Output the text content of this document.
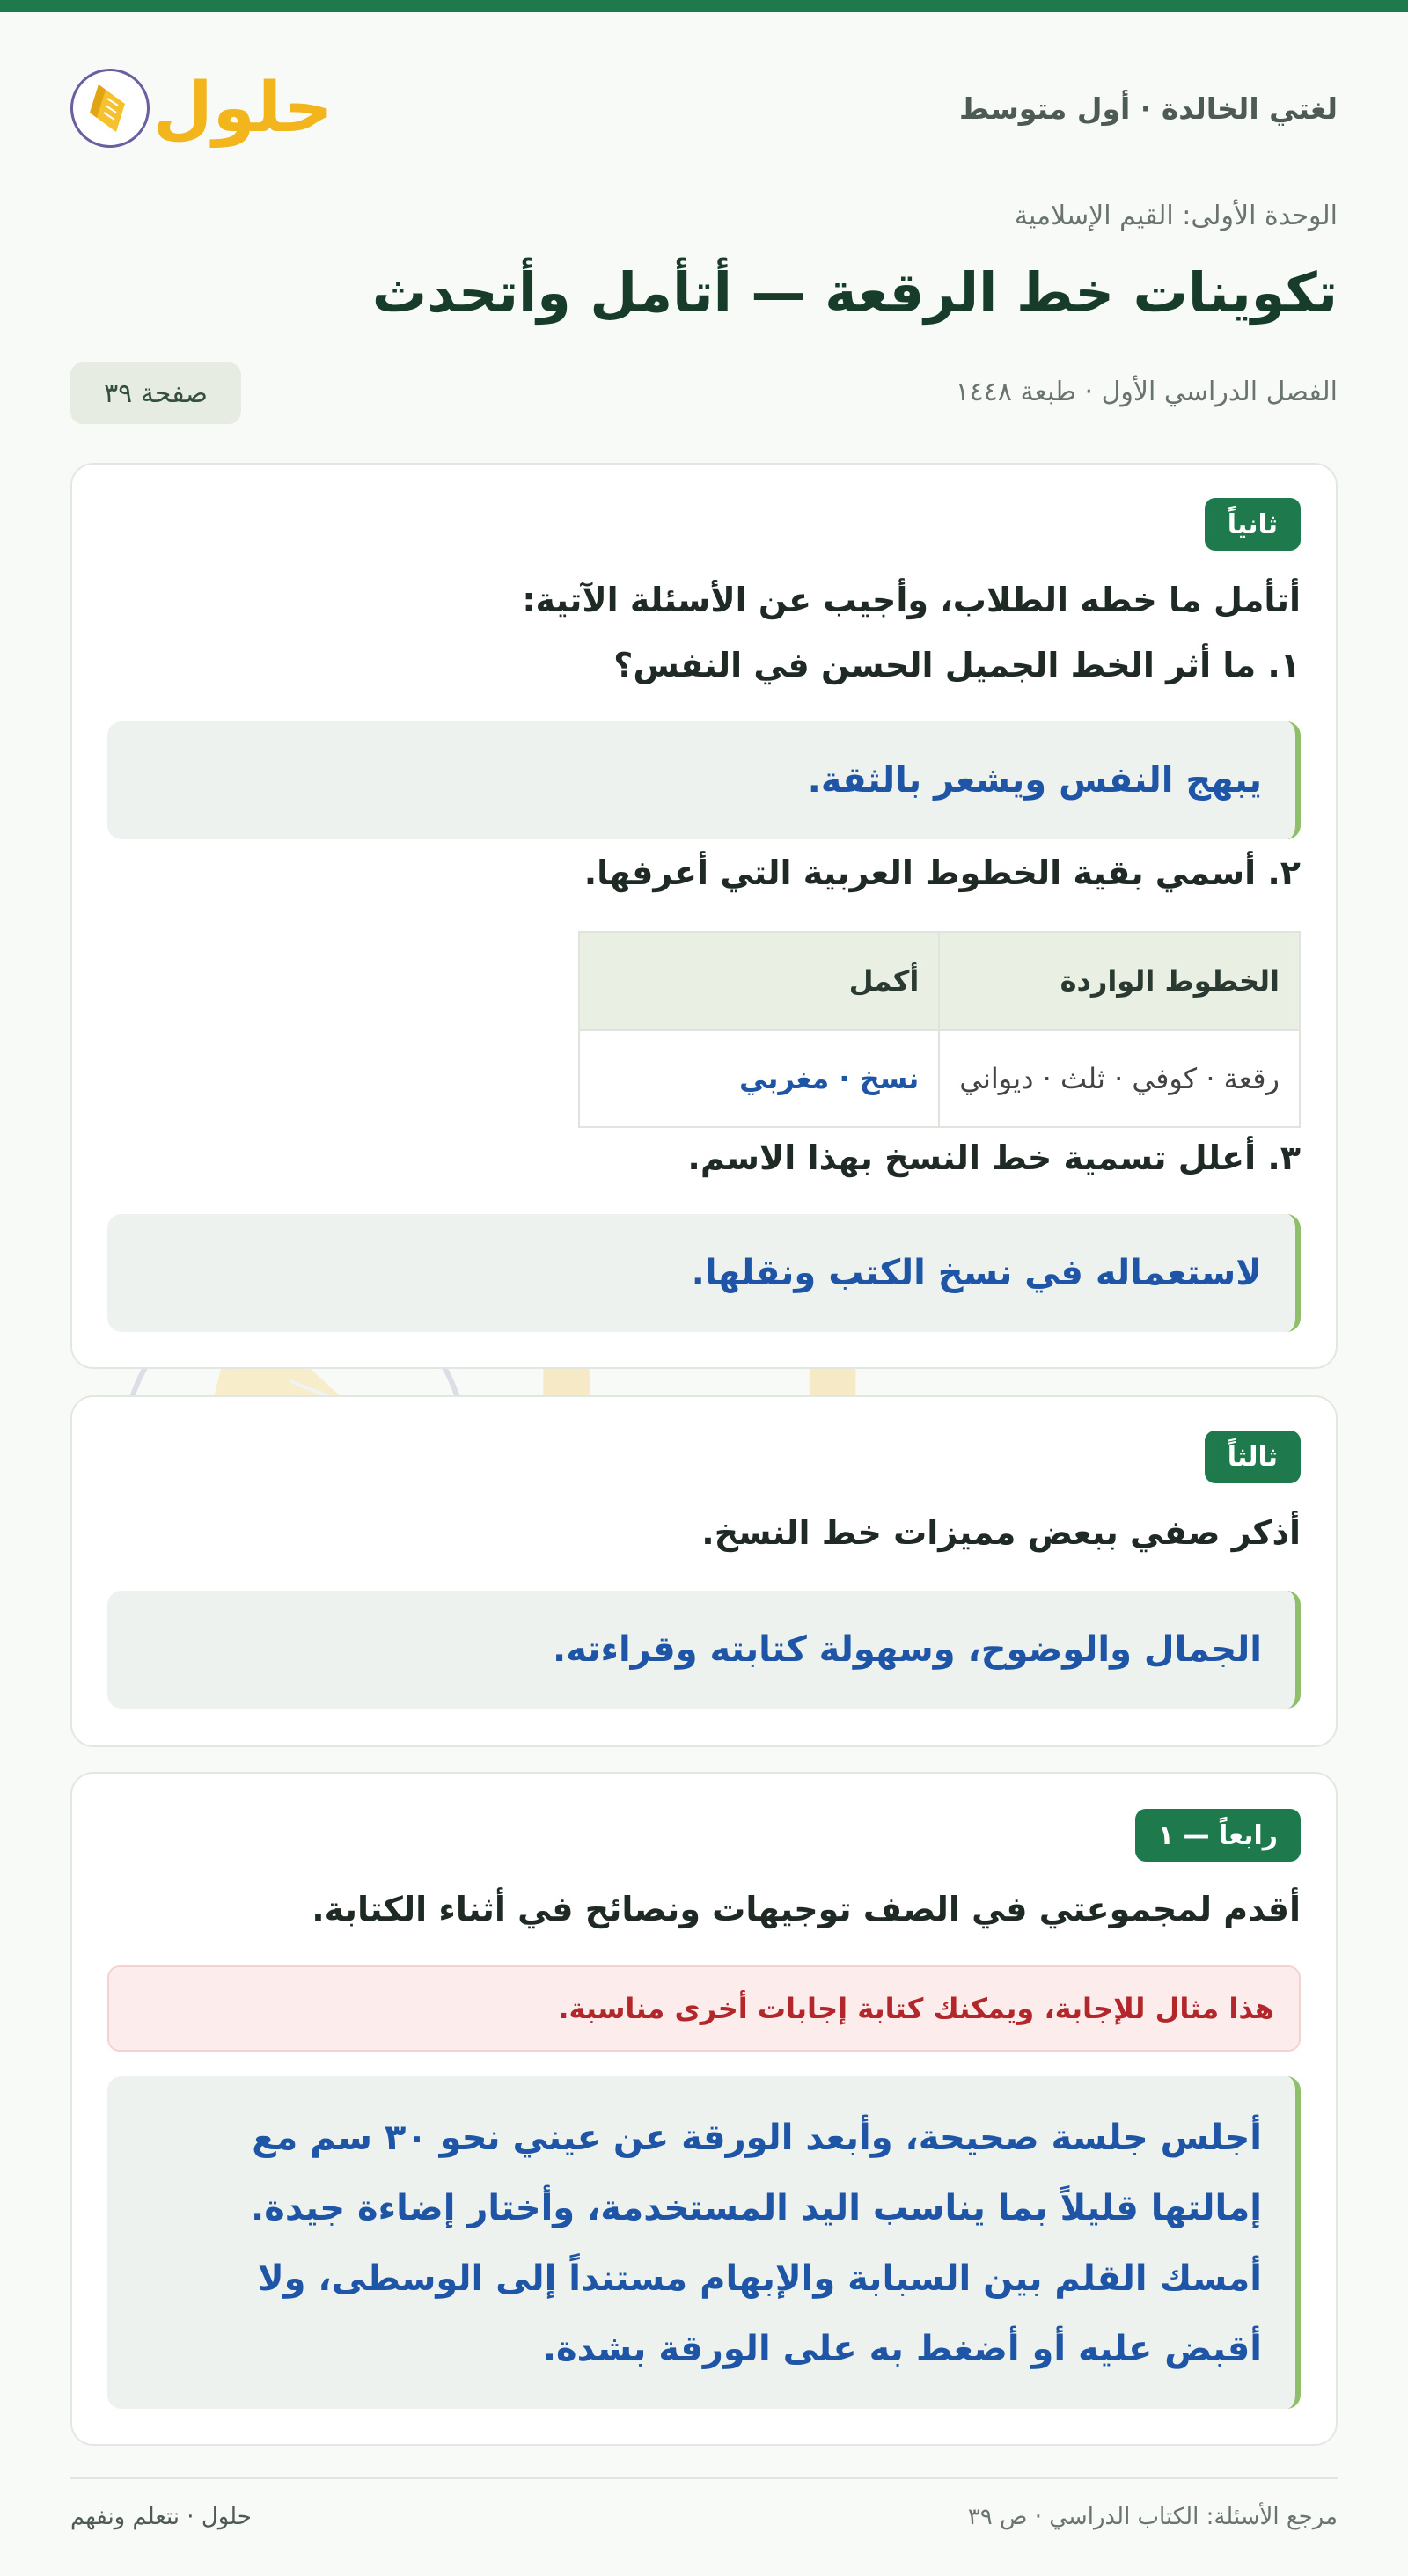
لغتي الخالدة · أول متوسط
حلول
الوحدة الأولى: القيم الإسلامية
تكوينات خط الرقعة — أتأمل وأتحدث
الفصل الدراسي الأول · طبعة ١٤٤٨
صفحة ٣٩
ثانياً
أتأمل ما خطه الطلاب، وأجيب عن الأسئلة الآتية:
١. ما أثر الخط الجميل الحسن في النفس؟
يبهج النفس ويشعر بالثقة.
٢. أسمي بقية الخطوط العربية التي أعرفها.
الخطوط الواردة	أكمل
رقعة · كوفي · ثلث · ديواني	نسخ · مغربي
٣. أعلل تسمية خط النسخ بهذا الاسم.
لاستعماله في نسخ الكتب ونقلها.
ثالثاً
أذكر صفي ببعض مميزات خط النسخ.
الجمال والوضوح، وسهولة كتابته وقراءته.
رابعاً — ١
أقدم لمجموعتي في الصف توجيهات ونصائح في أثناء الكتابة.
هذا مثال للإجابة، ويمكنك كتابة إجابات أخرى مناسبة.
أجلس جلسة صحيحة، وأبعد الورقة عن عيني نحو ٣٠ سم مع
إمالتها قليلاً بما يناسب اليد المستخدمة، وأختار إضاءة جيدة.
أمسك القلم بين السبابة والإبهام مستنداً إلى الوسطى، ولا
أقبض عليه أو أضغط به على الورقة بشدة.
مرجع الأسئلة: الكتاب الدراسي · ص ٣٩
حلول · نتعلم ونفهم
